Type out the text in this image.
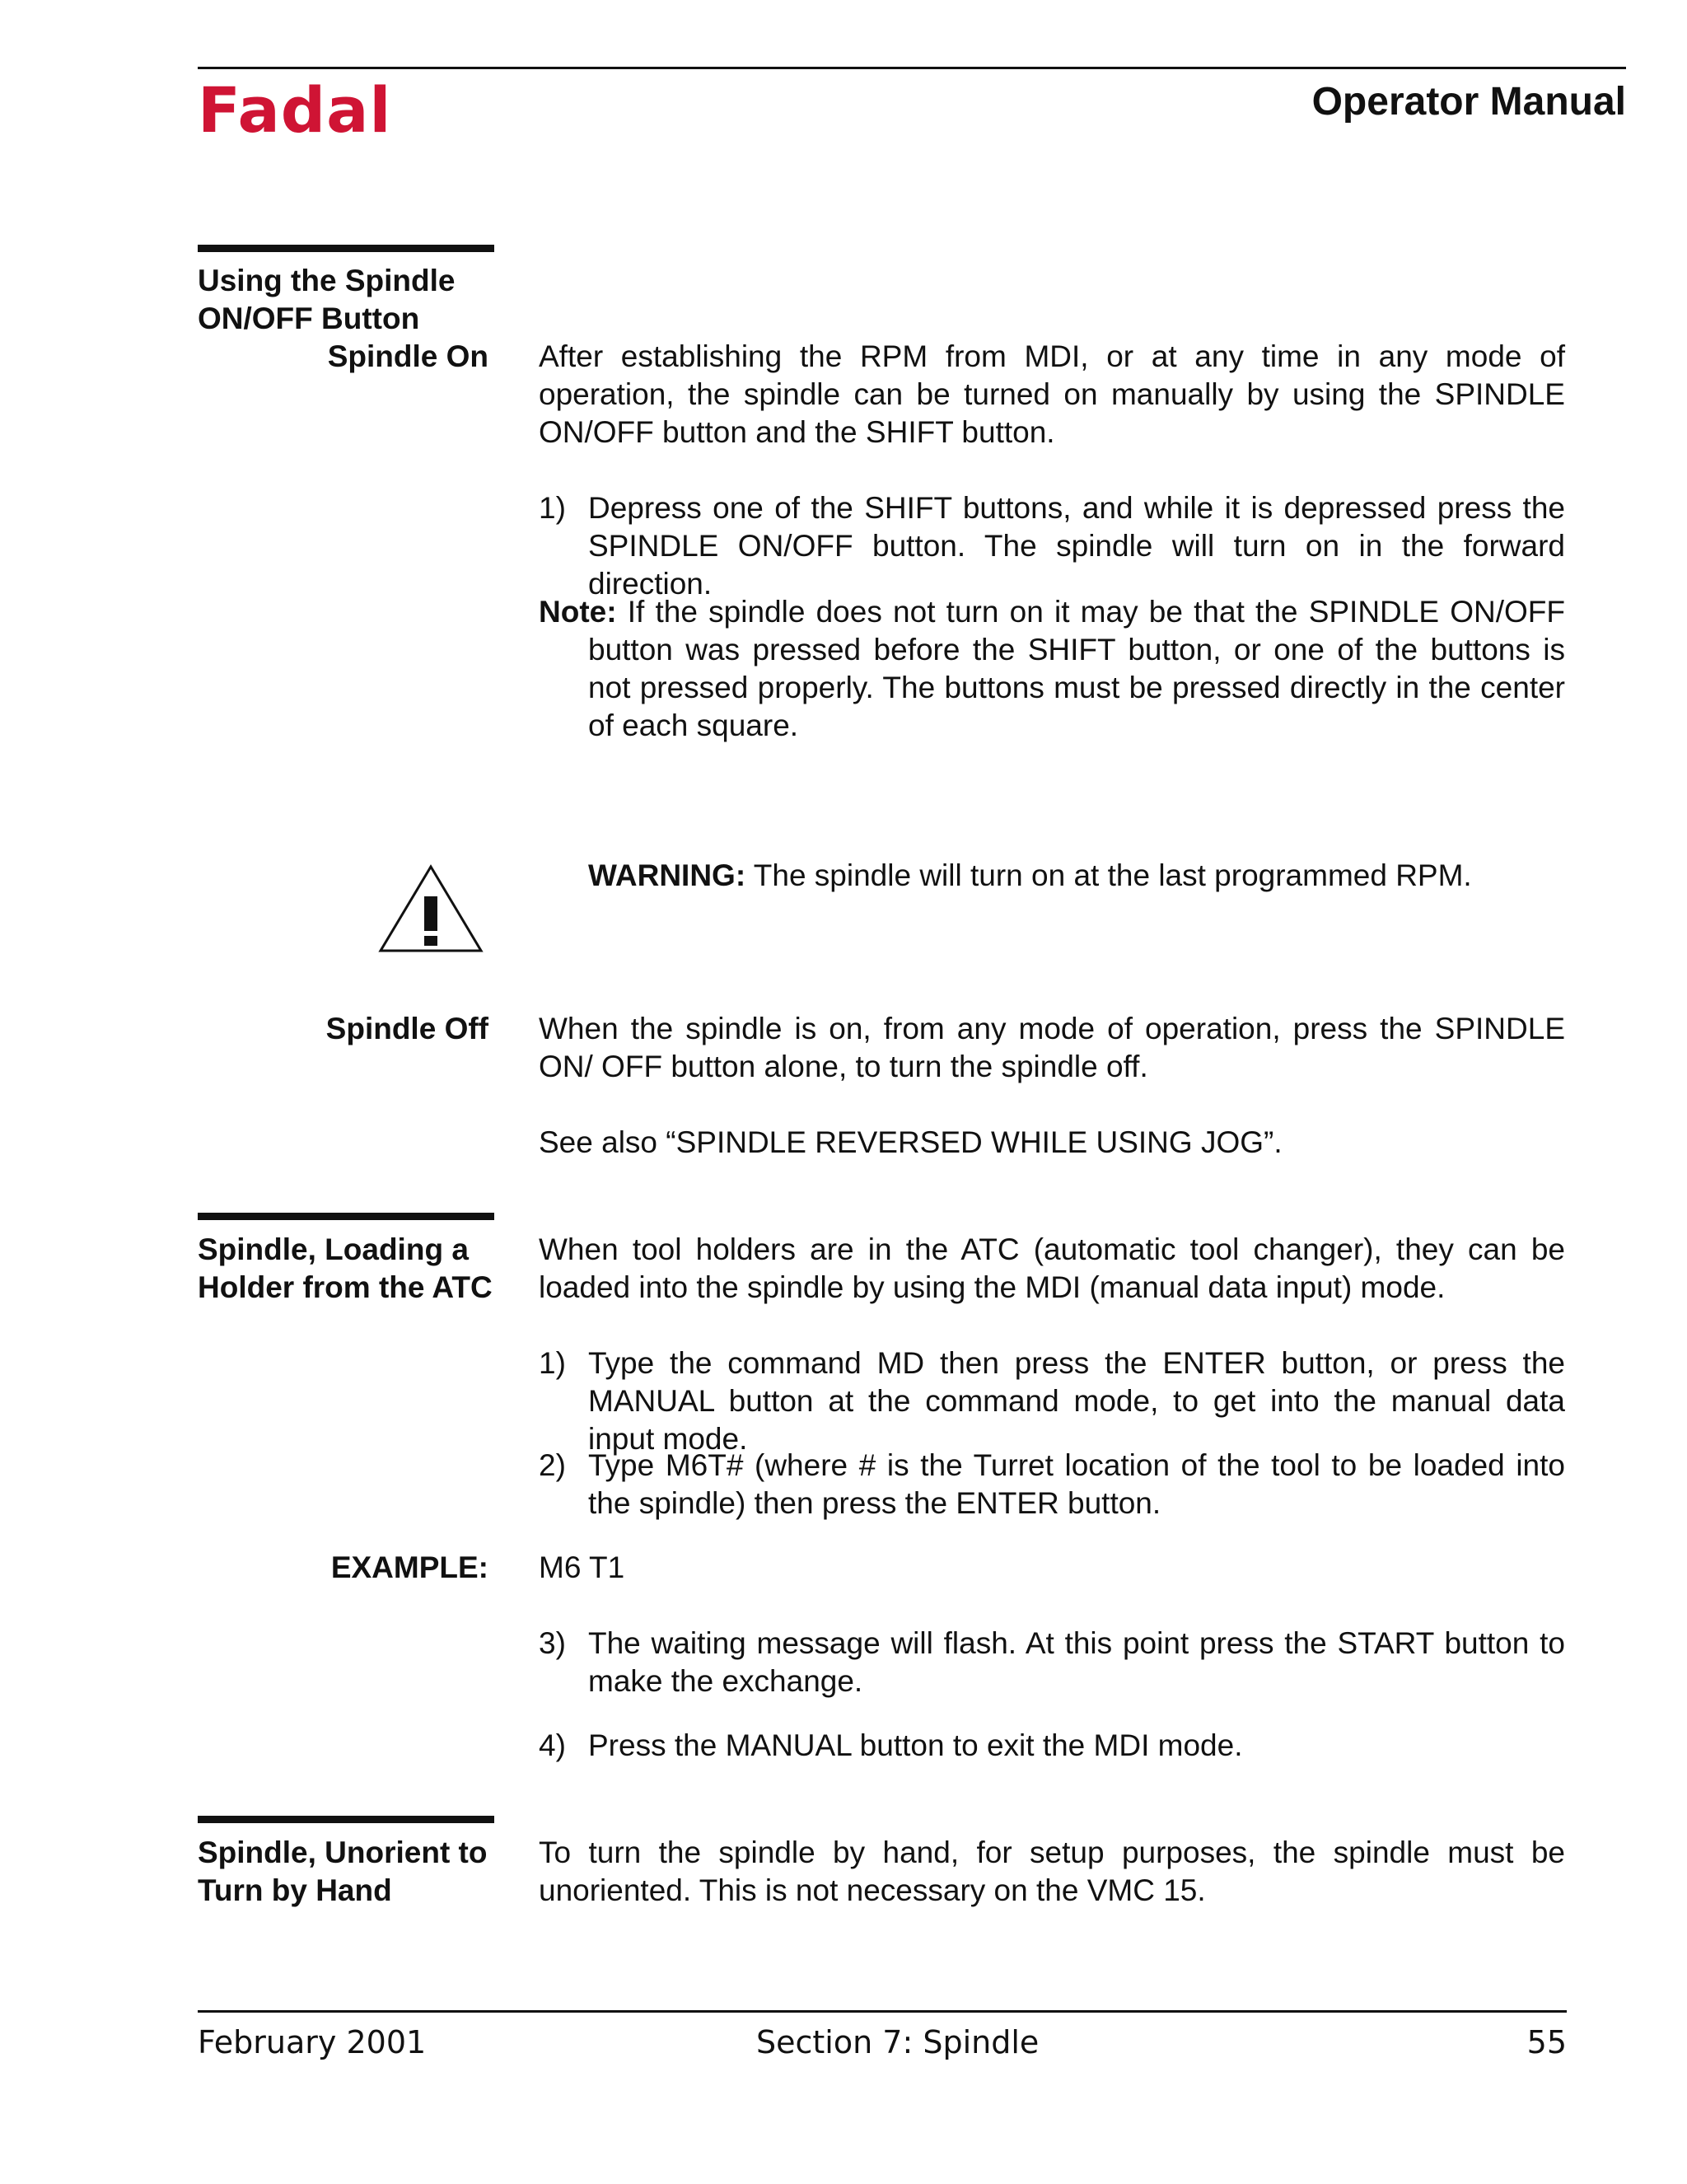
Fadal	Operator Manual
Using the Spindle
ON/OFF Button
Spindle On After establishing the RPM from MDI, or at any time in any mode of operation, the spindle can be turned on manually by using the SPINDLE ON/OFF button and the SHIFT button.
1) Depress one of the SHIFT buttons, and while it is depressed press the SPINDLE ON/OFF button. The spindle will turn on in the forward direction.
Note: If the spindle does not turn on it may be that the SPINDLE ON/OFF button was pressed before the SHIFT button, or one of the buttons is not pressed properly. The buttons must be pressed directly in the center of each square.
WARNING: The spindle will turn on at the last programmed RPM.
Spindle Off When the spindle is on, from any mode of operation, press the SPINDLE ON/ OFF button alone, to turn the spindle off.
See also “SPINDLE REVERSED WHILE USING JOG”.
Spindle, Loading a
Holder from the ATC
When tool holders are in the ATC (automatic tool changer), they can be loaded into the spindle by using the MDI (manual data input) mode.
1) Type the command MD then press the ENTER button, or press the MANUAL button at the command mode, to get into the manual data input mode.
2) Type M6T# (where # is the Turret location of the tool to be loaded into the spindle) then press the ENTER button.
EXAMPLE: M6 T1
3) The waiting message will flash. At this point press the START button to make the exchange.
4) Press the MANUAL button to exit the MDI mode.
Spindle, Unorient to
Turn by Hand
To turn the spindle by hand, for setup purposes, the spindle must be unoriented. This is not necessary on the VMC 15.
February 2001	Section 7: Spindle	55
